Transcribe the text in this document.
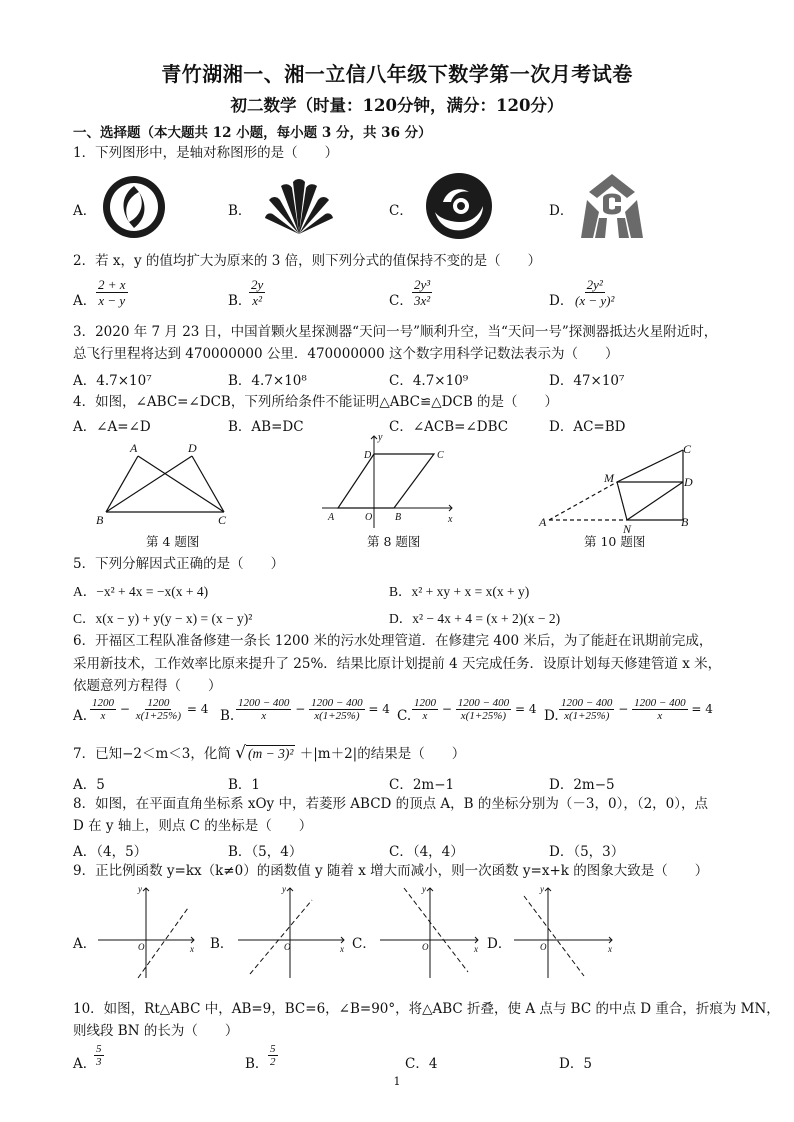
青竹湖湘一、湘一立信八年级下数学第一次月考试卷
初二数学（时量：120分钟，满分：120分）
一、选择题（本大题共 12 小题，每小题 3 分，共 36 分）
1．下列图形中，是轴对称图形的是（　　）
A．	B．	C．	D．
2．若 x，y 的值均扩大为原来的 3 倍，则下列分式的值保持不变的是（　　）
A． $\frac{2 + x}{x - y}$	B．
$\frac{2y}{\text{x²}}$	C． $\frac{\text{2y³}}{\text{3x²}}$	D． $\frac{\text{2y²}}{\text{(x − y)²}}$
3．2020 年 7 月 23 日，中国首颗火星探测器“天问一号”顺利升空，当“天问一号”探测器抵达火星附近时，
总飞行里程将达到 470000000 公里．470000000 这个数字用科学记数法表示为（　　）
A．4.7×10⁷	B．4.7×10⁸	C．4.7×10⁹	D．47×10⁷
4．如图，∠ABC=∠DCB，下列所给条件不能证明△ABC≌△DCB 的是（　　）
A．∠A=∠D	B．AB=DC	C．∠ACB=∠DBC	D．AC=BD
A	D
B	C
第 4 题图
y
D	C
A	O B	x
第 8 题图
C
M	D
A	N	B
第 10 题图
5．下列分解因式正确的是（　　）
A．−x² + 4x = −x(x + 4)	B．x² + xy + x = x(x + y)
C．x(x − y) + y(y − x) = (x − y)²	D．x² − 4x + 4 = (x + 2)(x − 2)
6．开福区工程队准备修建一条长 1200 米的污水处理管道．在修建完 400 米后，为了能赶在讯期前完成，
采用新技术，工作效率比原来提升了 25%．结果比原计划提前 4 天完成任务．设原计划每天修建管道 x 米，
依题意列方程得（　　）
A. $\frac{1200}{x} - \frac{1200}{x(1+25\%)} = 4$ B. $\frac{1200 - 400}{x} - \frac{1200 - 400}{x(1+25\%)} = 4$ C. $\frac{1200}{x} - \frac{1200 - 400}{x(1+25\%)} = 4$ D. $\frac{1200 - 400}{x(1+25\%)} - \frac{1200 - 400}{x} = 4$
7．已知−2＜m＜3，化简 √ (m − 3)² ＋|m＋2|的结果是（　　）
A．5	B．1	C．2m−1	D．2m−5
8．如图，在平面直角坐标系 xOy 中，若菱形 ABCD 的顶点 A，B 的坐标分别为（－3，0），（2，0），点
D 在 y 轴上，则点 C 的坐标是（　　）
A．（4，5）	B．（5，4）	C．（4，4）	D．（5，3）
9．正比例函数 y=kx（k≠0）的函数值 y 随着 x 增大而减小，则一次函数 y=x+k 的图象大致是（　　）
A．	B．	C．	D．
y
x
O
y
x
O
y
x
O
y
x
O
10．如图，Rt△ABC 中，AB=9，BC=6，∠B=90°，将△ABC 折叠，使 A 点与 BC 的中点 D 重合，折痕为 MN，
则线段 BN 的长为（　　）
A．
$\frac{5}{3}$	B． $\frac{5}{2}$	C．4	D．5
1
